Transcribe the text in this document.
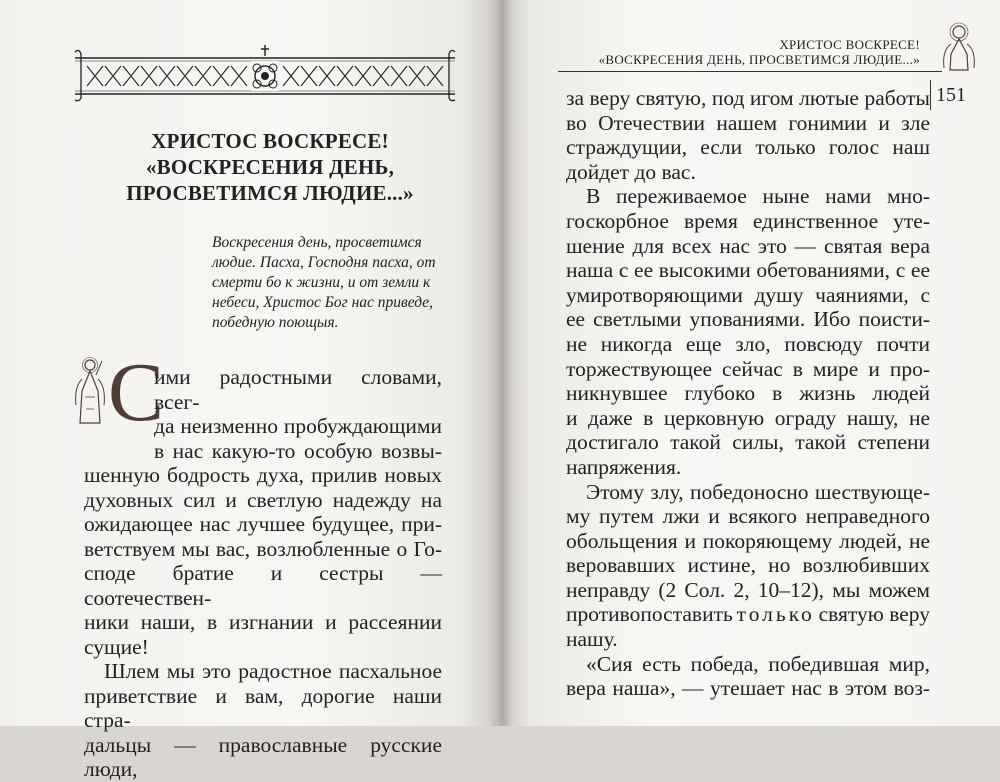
ХРИСТОС ВОСКРЕСЕ!
«ВОСКРЕСЕНИЯ ДЕНЬ,
ПРОСВЕТИМСЯ ЛЮДИЕ...»
Воскресения день, просветимся
людие. Пасха, Господня пасха, от
смерти бо к жизни, и от земли к
небеси, Христос Бог нас приведе,
победную поющыя.
С
ими радостными словами, всег-
да неизменно пробуждающими
в нас какую-то особую возвы-
шенную бодрость духа, прилив новых
духовных сил и светлую надежду на
ожидающее нас лучшее будущее, при-
ветствуем мы вас, возлюбленные о Го-
споде братие и сестры — соотечествен-
ники наши, в изгнании и рассеянии
сущие!
Шлем мы это радостное пасхальное
приветствие и вам, дорогие наши стра-
дальцы — православные русские люди,
ХРИСТОС ВОСКРЕСЕ!
«ВОСКРЕСЕНИЯ ДЕНЬ, ПРОСВЕТИМСЯ ЛЮДИЕ...»
151
за веру святую, под игом лютые работы
во Отечествии нашем гонимии и зле
страждущии, если только голос наш
дойдет до вас.
В переживаемое ныне нами мно-
госкорбное время единственное уте-
шение для всех нас это — святая вера
наша с ее высокими обетованиями, с ее
умиротворяющими душу чаяниями, с
ее светлыми упованиями. Ибо поисти-
не никогда еще зло, повсюду почти
торжествующее сейчас в мире и про-
никнувшее глубоко в жизнь людей
и даже в церковную ограду нашу, не
достигало такой силы, такой степени
напряжения.
Этому злу, победоносно шествующе-
му путем лжи и всякого неправедного
обольщения и покоряющему людей, не
веровавших истине, но возлюбивших
неправду (2 Сол. 2, 10–12), мы можем
противопоставить только святую веру
нашу.
«Сия есть победа, победившая мир,
вера наша», — утешает нас в этом воз-
